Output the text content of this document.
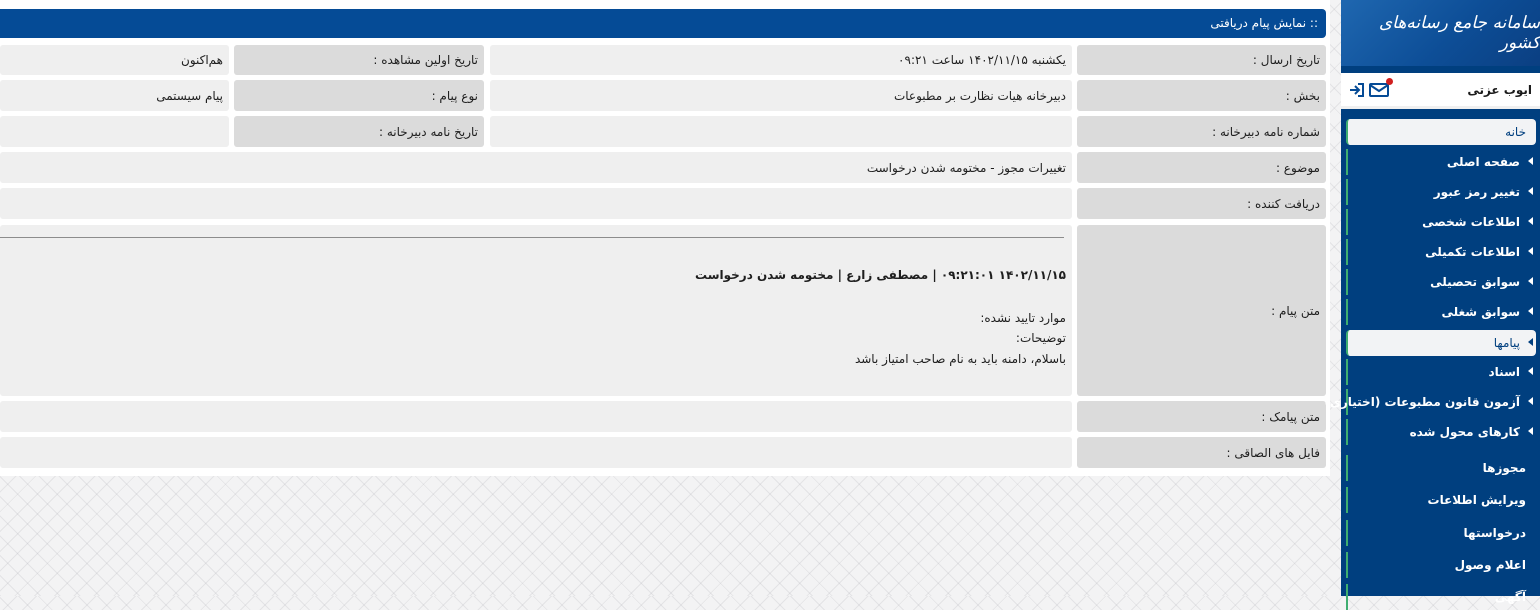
:: نمایش پیام دریافتی
تاریخ ارسال :
یکشنبه ۱۴۰۲/۱۱/۱۵ ساعت ۰۹:۲۱
تاریخ اولین مشاهده :
هم‌اکنون
بخش :
دبیرخانه هیات نظارت بر مطبوعات
نوع پیام :
پیام سیستمی
شماره نامه دبیرخانه :
تاریخ نامه دبیرخانه :
موضوع :
تغییرات مجوز - مختومه شدن درخواست
دریافت کننده :
متن پیام :
۱۴۰۲/۱۱/۱۵ ۰۹:۲۱:۰۱ | مصطفی زارع | مختومه شدن درخواست
موارد تایید نشده:
توضیحات:
باسلام، دامنه باید به نام صاحب امتیاز باشد
متن پیامک :
فایل های الصاقی :
سامانه جامع رسانه‌های کشور
ایوب عزتی
خانه
صفحه اصلی
تغییر رمز عبور
اطلاعات شخصی
اطلاعات تکمیلی
سوابق تحصیلی
سوابق شغلی
پیامها
اسناد
آزمون قانون مطبوعات (اختیاری)
کارهای محول شده
مجوزها
ویرایش اطلاعات
درخواستها
اعلام وصول
آگهی
